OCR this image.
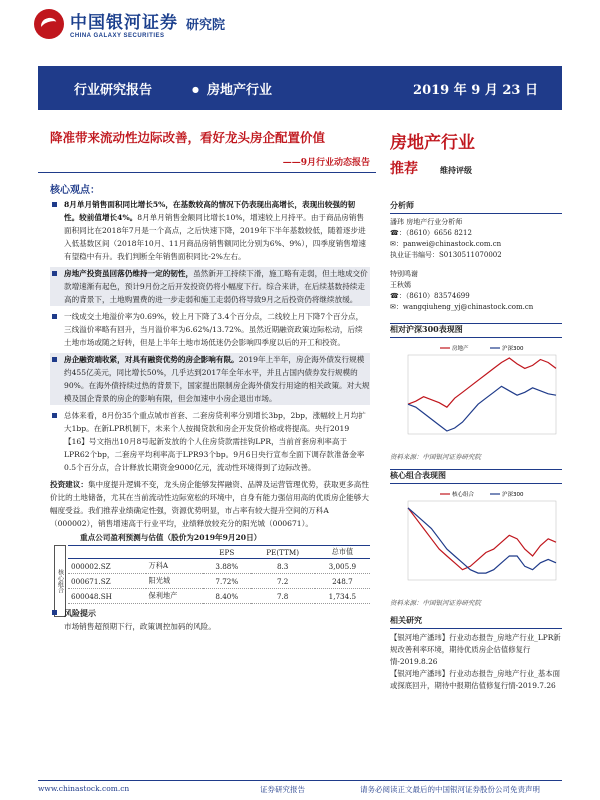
中国银河证券
CHINA GALAXY SECURITIES
研究院
行业研究报告	● 房地产行业	2019 年 9 月 23 日
降准带来流动性边际改善，看好龙头房企配置价值
——9月行业动态报告
房地产行业
推荐	维持评级
核心观点：
8月单月销售面积同比增长5%，在基数较高的情况下仍表现出高增长，表现出较强的韧性。较前值增长4%。8月单月销售金额同比增长10%，增速较上月持平。由于商品房销售面积同比在2018年7月是一个高点，之后快速下降，2019年下半年基数较低，随着逐步进入低基数区间（2018年10月、11月商品房销售额同比分别为6%、9%），四季度销售增速有望稳中有升。我们判断全年销售面积同比-2%左右。
房地产投资虽回落仍维持一定的韧性，虽然新开工持续下滑，施工略有走弱，但土地成交价款增速渐有起色，预计9月份之后开发投资仍将小幅度下行。综合来讲，在后续基数持续走高的背景下，土地购置费的进一步走弱和施工走弱仍将导致9月之后投资仍将继续放缓。
一线成交土地溢价率为0.69%，较上月下降了3.4个百分点，二线较上月下降7个百分点，三线溢价率略有回升，当月溢价率为6.62%/13.72%。虽然近期融资政策边际松动，后续土地市场或随之好转，但是上半年土地市场低迷仍会影响四季度以后的开工和投资。
房企融资端收紧，对具有融资优势的房企影响有限。2019年上半年，房企海外债发行规模约455亿美元，同比增长50%，几乎达到2017年全年水平，并且占国内债券发行规模的90%。在海外债持续过热的背景下，国家提出限制房企海外债发行用途的相关政策。对大规模及国企背景的房企的影响有限，但会加速中小房企退出市场。
总体来看，8月份35个重点城市首套、二套房贷利率分别增长3bp，2bp，涨幅较上月均扩大1bp。在新LPR机制下，未来个人按揭贷款和房企开发贷价格或将提高。央行2019【16】号文指出10月8号起新发放的个人住房贷款需挂钩LPR，当前首套房利率高于LPR62个bp，二套房平均利率高于LPR93个bp。9月6日央行宣布全面下调存款准备金率0.5个百分点，合计释放长期资金9000亿元，流动性环境得到了边际改善。
投资建议：集中度提升逻辑不变，龙头房企能够发挥融资、品牌及运营管理优势，获取更多高性价比的土地储备，尤其在当前流动性边际宽松的环境中，自身有能力强信用高的优质房企能够大幅度受益。我们推荐业绩确定性强，资源优势明显，市占率有较大提升空间的万科A（000002），销售增速高于行业平均，业绩释放较充分的阳光城（000671）。
重点公司盈利预测与估值（股价为2019年9月20日）
核心组合
		EPS	PE(TTM)	总市值
000002.SZ	万科A	3.88%	8.3	3,005.9
000671.SZ	阳光城	7.72%	7.2	248.7
600048.SH	保利地产	8.40%	7.8	1,734.5
风险提示
市场销售超预期下行，政策调控加码的风险。
分析师
潘玮 房地产行业分析师
☎：（8610）6656 8212
✉：panwei@chinastock.com.cn
执业证书编号：S0130511070002
特别鸣谢
王秋嫣
☎：（8610）83574699
✉：wangqiuheng_yj@chinastock.com.cn
相对沪深300表现图
房地产	沪深300
资料来源：中国银河证券研究院
核心组合表现图
核心组合	沪深300
资料来源：中国银河证券研究院
相关研究
【银河地产潘玮】行业动态报告_房地产行业_LPR新规改善利率环境，期待优质房企估值修复行情-2019.8.26
【银河地产潘玮】行业动态报告_房地产行业_基本面或探底回升，期待中报期估值修复行情-2019.7.26
www.chinastock.com.cn	证券研究报告	请务必阅读正文最后的中国银河证券股份公司免责声明
